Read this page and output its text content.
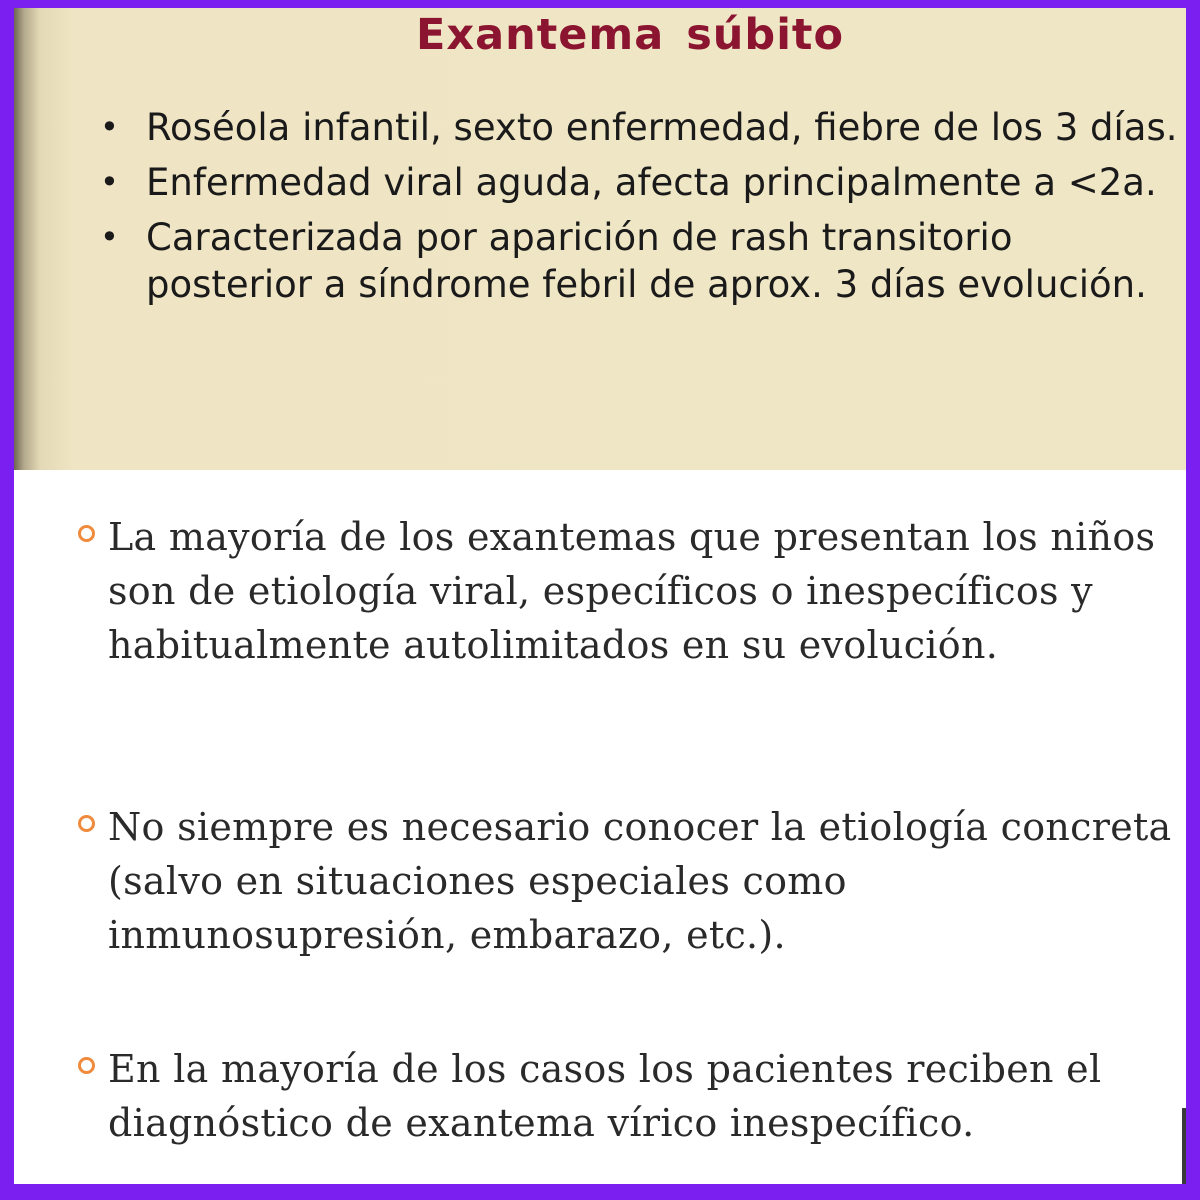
Exantema súbito
• Roséola infantil, sexto enfermedad, fiebre de los 3 días.
• Enfermedad viral aguda, afecta principalmente a <2a.
• Caracterizada por aparición de rash transitorio posterior a síndrome febril de aprox. 3 días evolución.
La mayoría de los exantemas que presentan los niños son de etiología viral, específicos o inespecíficos y habitualmente autolimitados en su evolución.
No siempre es necesario conocer la etiología concreta (salvo en situaciones especiales como inmunosupresión, embarazo, etc.).
En la mayoría de los casos los pacientes reciben el diagnóstico de exantema vírico inespecífico.
